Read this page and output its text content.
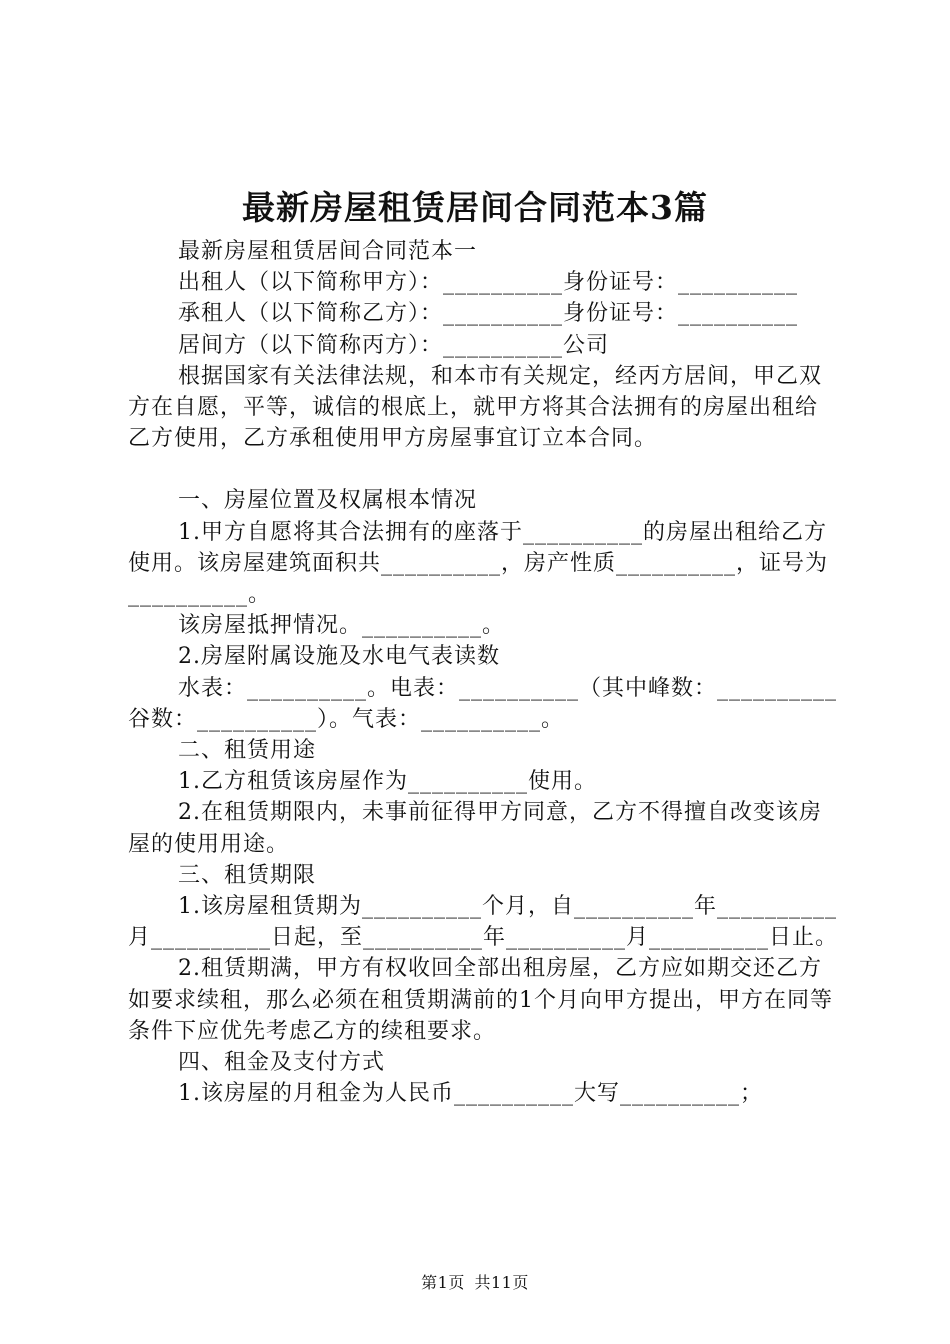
最新房屋租赁居间合同范本3篇

最新房屋租赁居间合同范本一

出租人（以下简称甲方）：__________身份证号：__________

承租人（以下简称乙方）：__________身份证号：__________

居间方（以下简称丙方）：__________公司

根据国家有关法律法规，和本市有关规定，经丙方居间，甲乙双方在自愿，平等，诚信的根底上，就甲方将其合法拥有的房屋出租给乙方使用，乙方承租使用甲方房屋事宜订立本合同。

一、房屋位置及权属根本情况

1.甲方自愿将其合法拥有的座落于__________的房屋出租给乙方使用。该房屋建筑面积共__________，房产性质__________，证号为__________。

该房屋抵押情况。__________。

2.房屋附属设施及水电气表读数

水表：__________。电表：__________（其中峰数：__________谷数：__________）。气表：__________。

二、租赁用途

1.乙方租赁该房屋作为__________使用。

2.在租赁期限内，未事前征得甲方同意，乙方不得擅自改变该房屋的使用用途。

三、租赁期限

1.该房屋租赁期为__________个月，自__________年__________月__________日起，至__________年__________月__________日止。

2.租赁期满，甲方有权收回全部出租房屋，乙方应如期交还乙方如要求续租，那么必须在租赁期满前的1个月向甲方提出，甲方在同等条件下应优先考虑乙方的续租要求。

四、租金及支付方式

1.该房屋的月租金为人民币__________大写__________；

第1页 共11页
